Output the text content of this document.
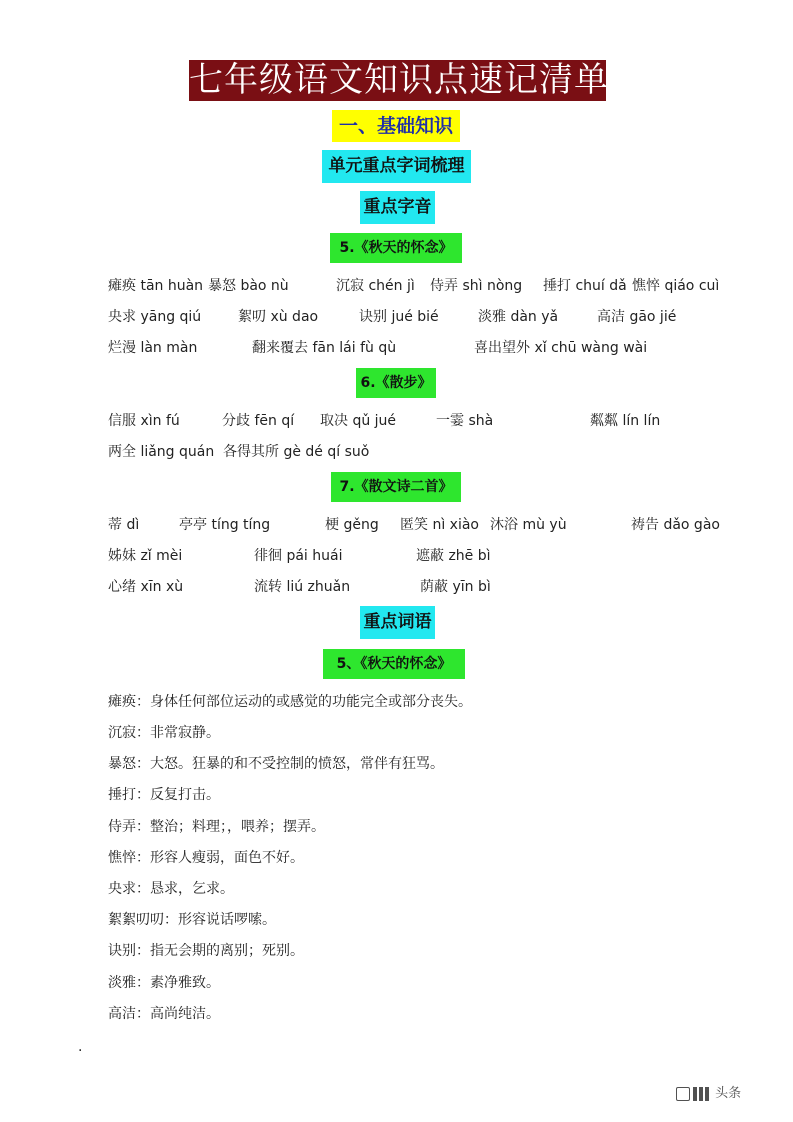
七年级语文知识点速记清单
一、基础知识
单元重点字词梳理
重点字音
5.《秋天的怀念》
瘫痪 tān huàn 暴怒 bào nù	沉寂 chén jì 侍弄 shì nòng 捶打 chuí dǎ 憔悴 qiáo cuì
央求 yāng qiú	絮叨 xù dao	诀别 jué bié	淡雅 dàn yǎ	高洁 gāo jié
烂漫 làn màn	翻来覆去 fān lái fù qù	喜出望外 xǐ chū wàng wài
6.《散步》
信服 xìn fú	分歧 fēn qí 取决 qǔ jué	一霎 shà	粼粼 lín lín
两全 liǎng quán 各得其所 gè dé qí suǒ
7.《散文诗二首》
蒂 dì	亭亭 tíng tíng	梗 gěng 匿笑 nì xiào 沐浴 mù yù	祷告 dǎo gào
姊妹 zǐ mèi	徘徊 pái huái	遮蔽 zhē bì
心绪 xīn xù	流转 liú zhuǎn	荫蔽 yīn bì
重点词语
5、《秋天的怀念》
瘫痪：身体任何部位运动的或感觉的功能完全或部分丧失。
沉寂：非常寂静。
暴怒：大怒。狂暴的和不受控制的愤怒，常伴有狂骂。
捶打：反复打击。
侍弄：整治；料理；，喂养；摆弄。
憔悴：形容人瘦弱，面色不好。
央求：恳求，乞求。
絮絮叨叨：形容说话啰嗦。
诀别：指无会期的离别；死别。
淡雅：素净雅致。
高洁：高尚纯洁。
.
头条
